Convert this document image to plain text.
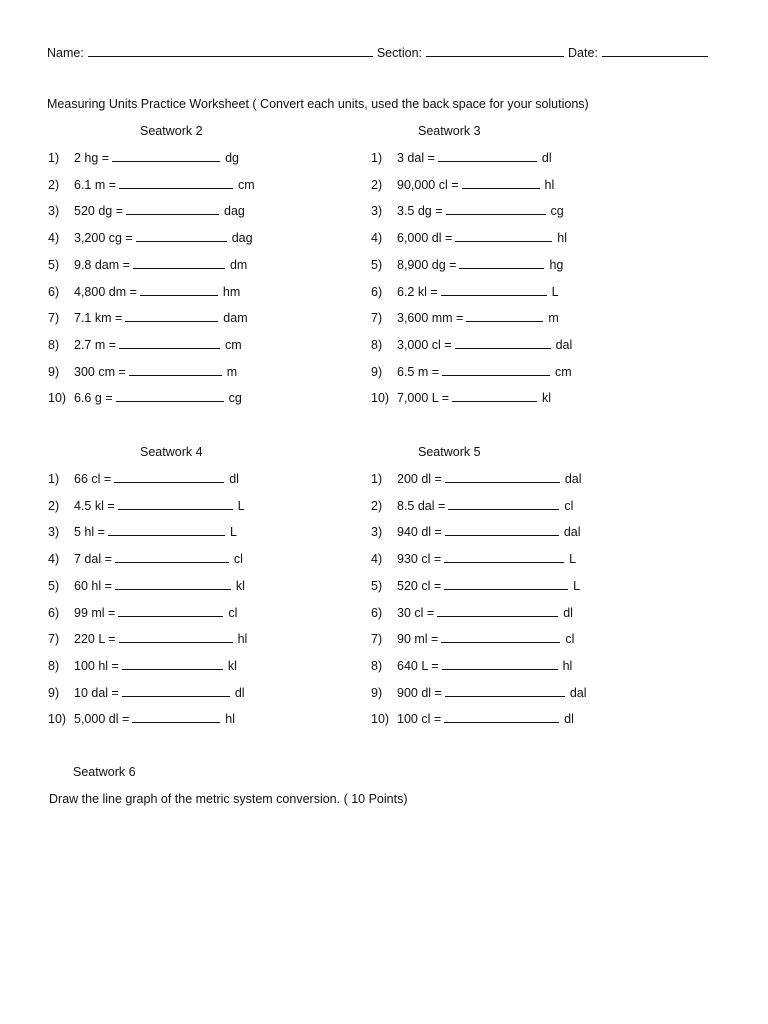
Name:	Section:	Date:
Measuring Units Practice Worksheet ( Convert each units, used the back space for your solutions)
Seatwork 2
1)	2 hg =	dg
2)	6.1 m =	cm
3)	520 dg =	dag
4)	3,200 cg =	dag
5)	9.8 dam =	dm
6)	4,800 dm =	hm
7)	7.1 km =	dam
8)	2.7 m =	cm
9)	300 cm =	m
10) 6.6 g =	cg
Seatwork 3
1)	3 dal =	dl
2)	90,000 cl =	hl
3)	3.5 dg =	cg
4)	6,000 dl =	hl
5)	8,900 dg =	hg
6)	6.2 kl =	L
7)	3,600 mm =	m
8)	3,000 cl =	dal
9)	6.5 m =	cm
10) 7,000 L =	kl
Seatwork 4
1)	66 cl =	dl
2)	4.5 kl =	L
3)	5 hl =	L
4)	7 dal =	cl
5)	60 hl =	kl
6)	99 ml =	cl
7)	220 L =	hl
8)	100 hl =	kl
9)	10 dal =	dl
10) 5,000 dl =	hl
Seatwork 5
1)	200 dl =	dal
2)	8.5 dal =	cl
3)	940 dl =	dal
4)	930 cl =	L
5)	520 cl =	L
6)	30 cl =	dl
7)	90 ml =	cl
8)	640 L =	hl
9)	900 dl =	dal
10) 100 cl =	dl
Seatwork 6
Draw the line graph of the metric system conversion. ( 10 Points)
